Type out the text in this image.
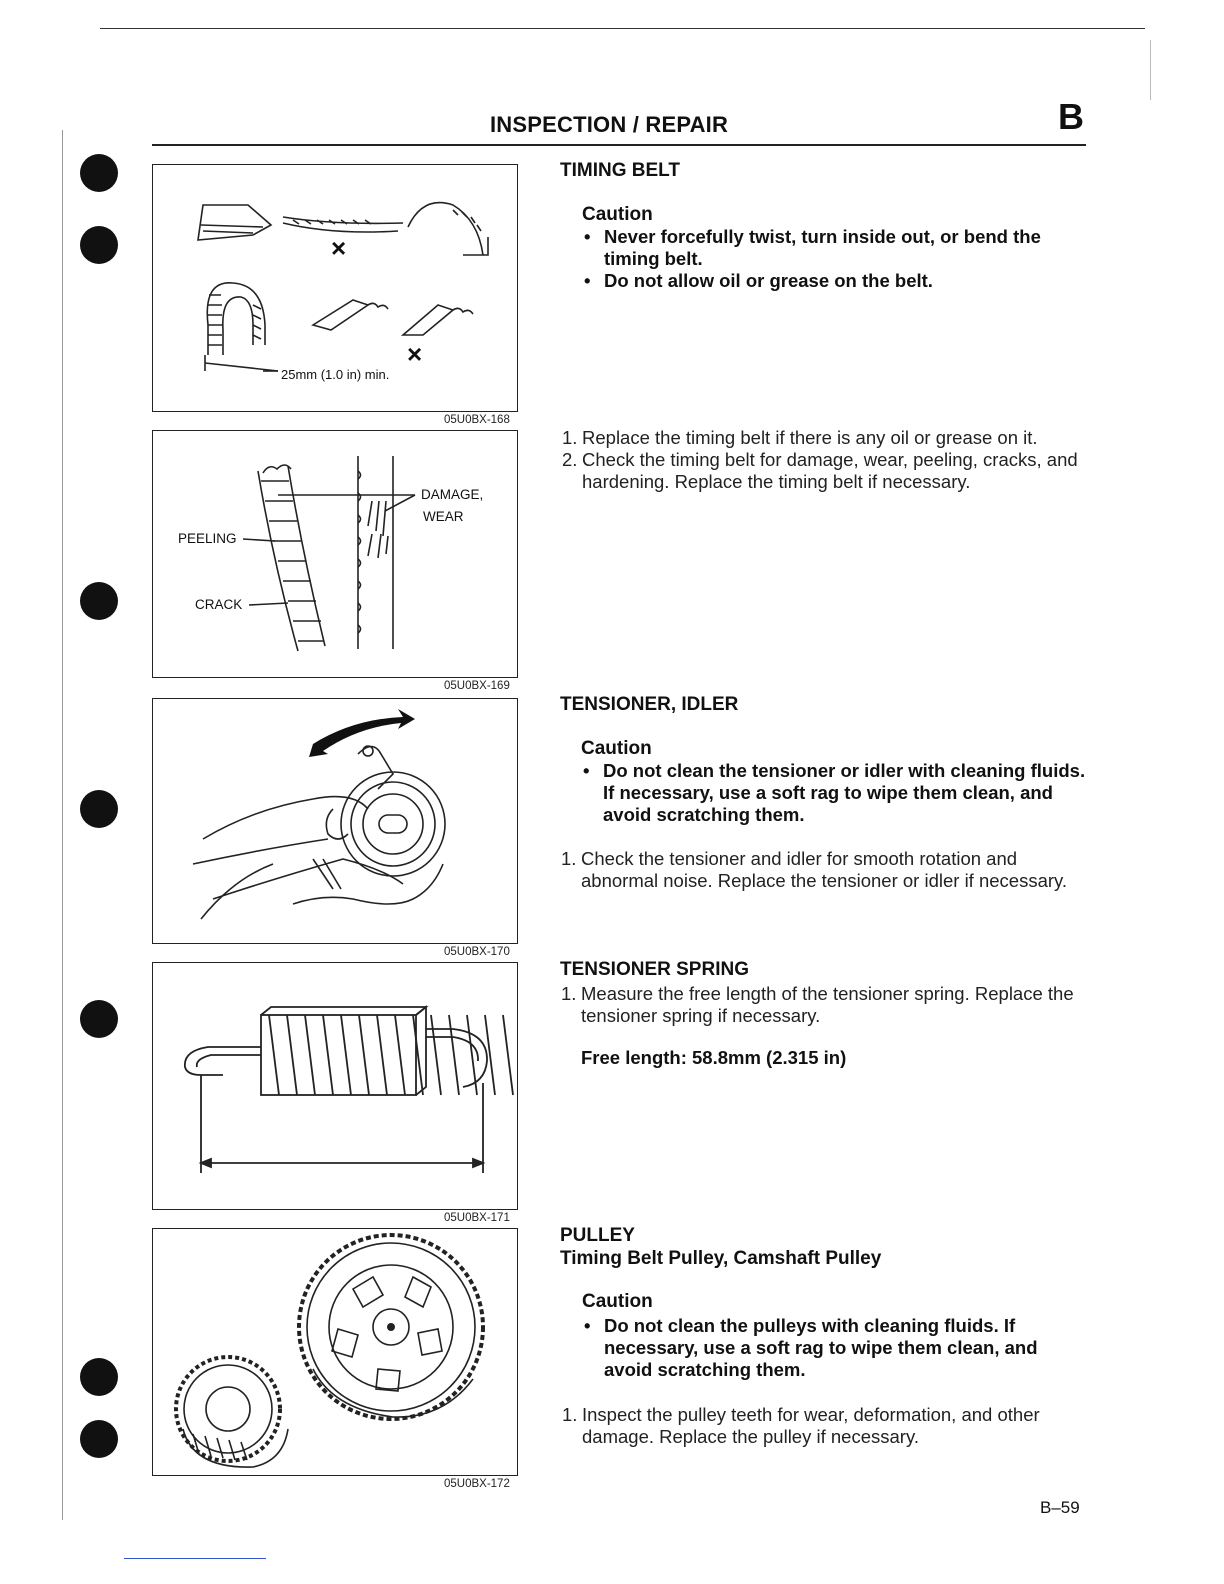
INSPECTION / REPAIR	B
×
×
25mm (1.0 in) min.
05U0BX-168
DAMAGE,
WEAR
PEELING
CRACK
05U0BX-169
05U0BX-170
05U0BX-171
05U0BX-172
TIMING BELT
Caution
• Never forcefully twist, turn inside out, or bend the timing belt.
• Do not allow oil or grease on the belt.
1. Replace the timing belt if there is any oil or grease on it.
2. Check the timing belt for damage, wear, peeling, cracks, and hardening. Replace the timing belt if necessary.
TENSIONER, IDLER
Caution
• Do not clean the tensioner or idler with cleaning fluids. If necessary, use a soft rag to wipe them clean, and avoid scratching them.
1. Check the tensioner and idler for smooth rotation and abnormal noise. Replace the tensioner or idler if necessary.
TENSIONER SPRING
1. Measure the free length of the tensioner spring. Replace the tensioner spring if necessary.
Free length: 58.8mm (2.315 in)
PULLEY
Timing Belt Pulley, Camshaft Pulley
Caution
• Do not clean the pulleys with cleaning fluids. If necessary, use a soft rag to wipe them clean, and avoid scratching them.
1. Inspect the pulley teeth for wear, deformation, and other damage. Replace the pulley if necessary.
B–59
